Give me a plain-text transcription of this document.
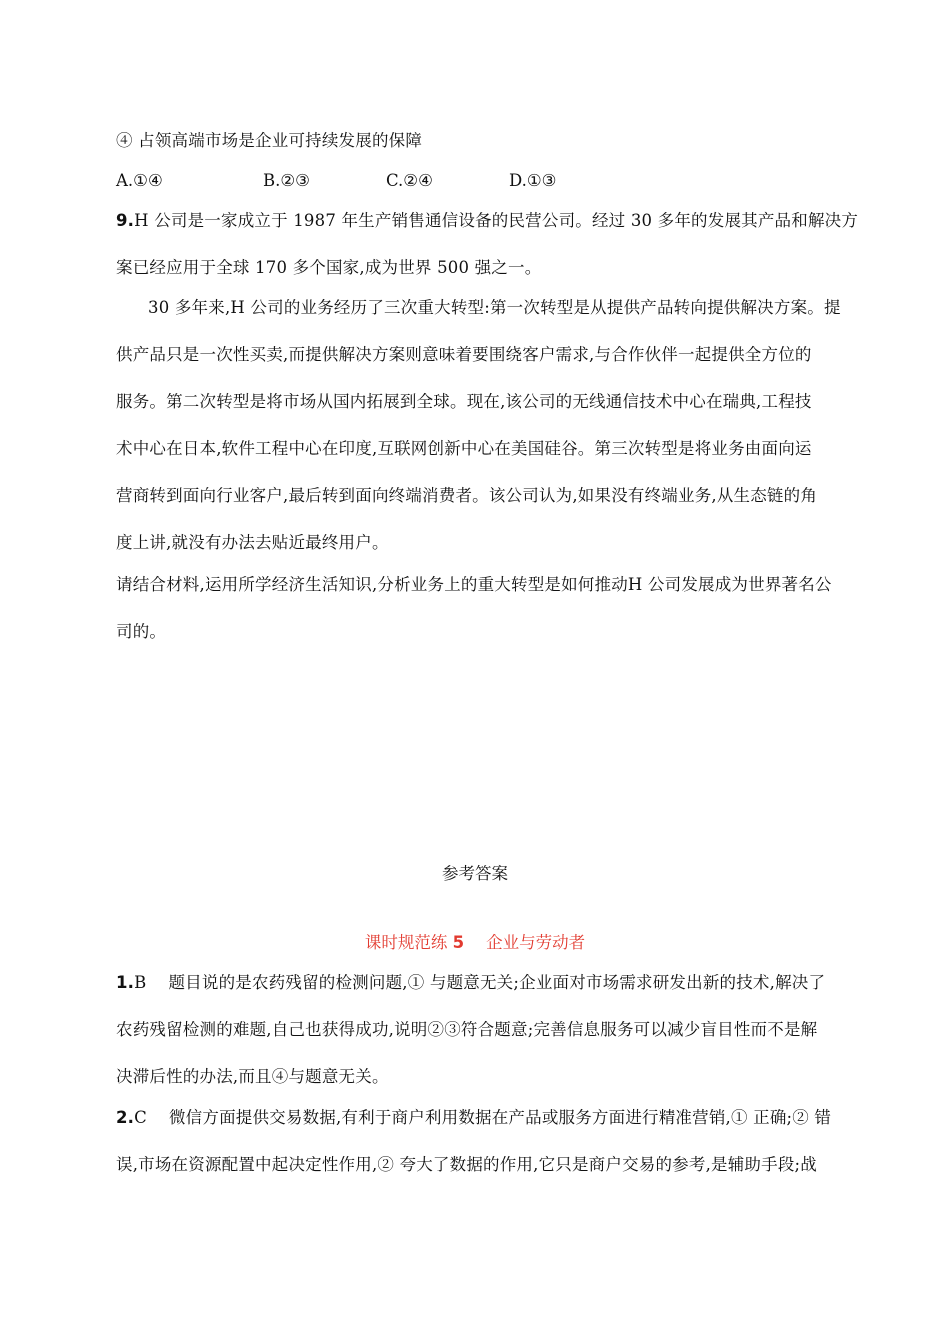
④ 占领高端市场是企业可持续发展的保障
A.①④	B.②③	C.②④	D.①③
9.H 公司是一家成立于 1987 年生产销售通信设备的民营公司。经过 30 多年的发展其产品和解决方
案已经应用于全球 170 多个国家,成为世界 500 强之一。
30 多年来,H 公司的业务经历了三次重大转型:第一次转型是从提供产品转向提供解决方案。提
供产品只是一次性买卖,而提供解决方案则意味着要围绕客户需求,与合作伙伴一起提供全方位的
服务。第二次转型是将市场从国内拓展到全球。现在,该公司的无线通信技术中心在瑞典,工程技
术中心在日本,软件工程中心在印度,互联网创新中心在美国硅谷。第三次转型是将业务由面向运
营商转到面向行业客户,最后转到面向终端消费者。该公司认为,如果没有终端业务,从生态链的角
度上讲,就没有办法去贴近最终用户。
请结合材料,运用所学经济生活知识,分析业务上的重大转型是如何推动H 公司发展成为世界著名公
司的。
参考答案
课时规范练 5 企业与劳动者
1.B 题目说的是农药残留的检测问题,① 与题意无关;企业面对市场需求研发出新的技术,解决了
农药残留检测的难题,自己也获得成功,说明②③符合题意;完善信息服务可以减少盲目性而不是解
决滞后性的办法,而且④与题意无关。
2.C 微信方面提供交易数据,有利于商户利用数据在产品或服务方面进行精准营销,① 正确;② 错
误,市场在资源配置中起决定性作用,② 夸大了数据的作用,它只是商户交易的参考,是辅助手段;战
